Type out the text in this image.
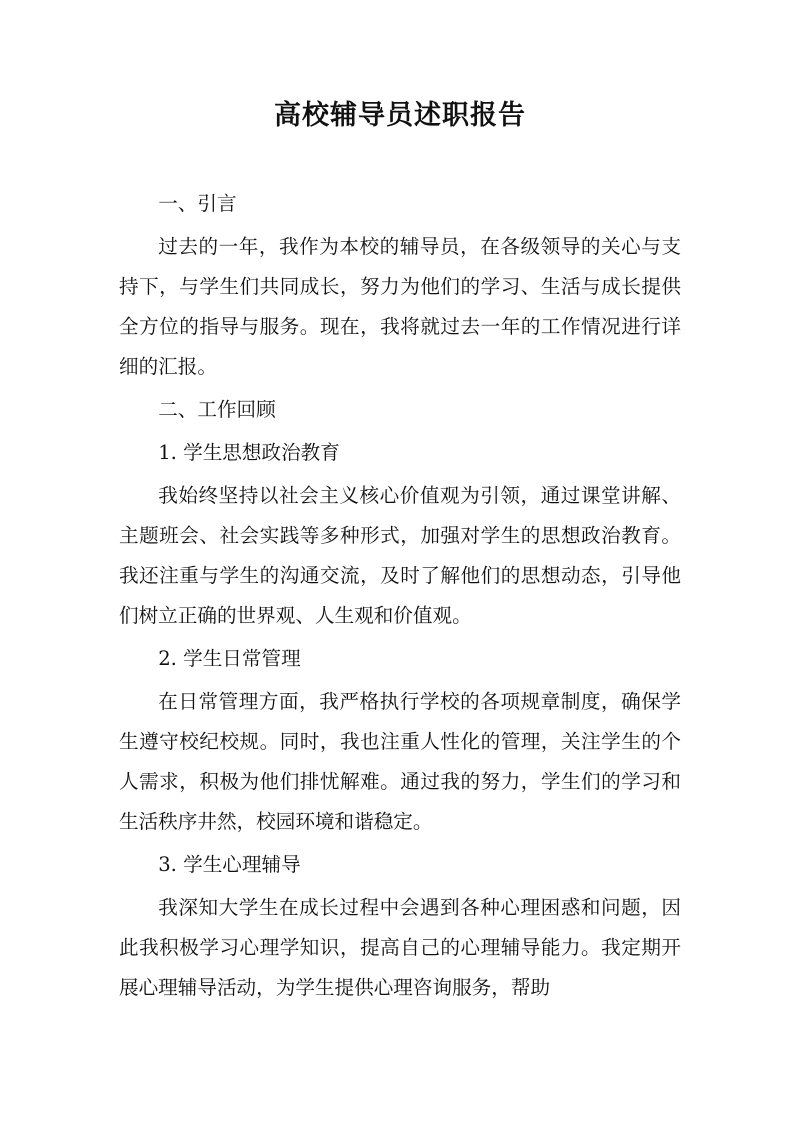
高校辅导员述职报告

一、引言

过去的一年，我作为本校的辅导员，在各级领导的关心与支持下，与学生们共同成长，努力为他们的学习、生活与成长提供全方位的指导与服务。现在，我将就过去一年的工作情况进行详细的汇报。

二、工作回顾

1. 学生思想政治教育

我始终坚持以社会主义核心价值观为引领，通过课堂讲解、主题班会、社会实践等多种形式，加强对学生的思想政治教育。我还注重与学生的沟通交流，及时了解他们的思想动态，引导他们树立正确的世界观、人生观和价值观。

2. 学生日常管理

在日常管理方面，我严格执行学校的各项规章制度，确保学生遵守校纪校规。同时，我也注重人性化的管理，关注学生的个人需求，积极为他们排忧解难。通过我的努力，学生们的学习和生活秩序井然，校园环境和谐稳定。

3. 学生心理辅导

我深知大学生在成长过程中会遇到各种心理困惑和问题，因此我积极学习心理学知识，提高自己的心理辅导能力。我定期开展心理辅导活动，为学生提供心理咨询服务，帮助
